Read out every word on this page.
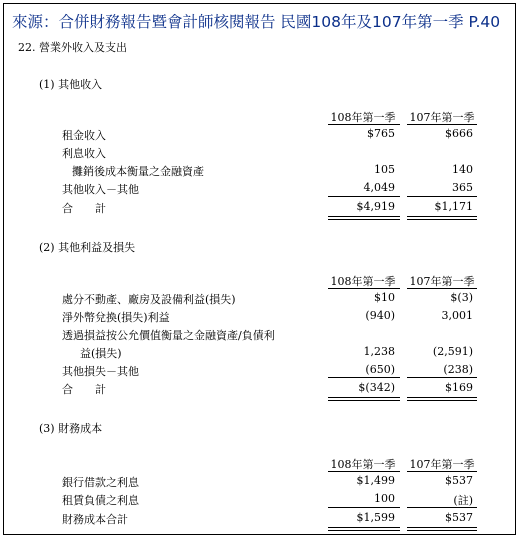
來源：合併財務報告暨會計師核閱報告 民國108年及107年第一季 P.40
22. 營業外收入及支出
(1) 其他收入
108年第一季 107年第一季
租金收入	$765	$666
利息收入
攤銷後成本衡量之金融資產	105	140
其他收入－其他	4,049	365
合　　計	$4,919	$1,171
(2) 其他利益及損失
108年第一季 107年第一季
處分不動產、廠房及設備利益(損失)	$10	$(3)
淨外幣兌換(損失)利益	(940)	3,001
透過損益按公允價值衡量之金融資產/負債利
益(損失)	1,238	(2,591)
其他損失－其他	(650)	(238)
合　　計	$(342)	$169
(3) 財務成本
108年第一季 107年第一季
銀行借款之利息	$1,499	$537
租賃負債之利息	100	(註)
財務成本合計	$1,599	$537
